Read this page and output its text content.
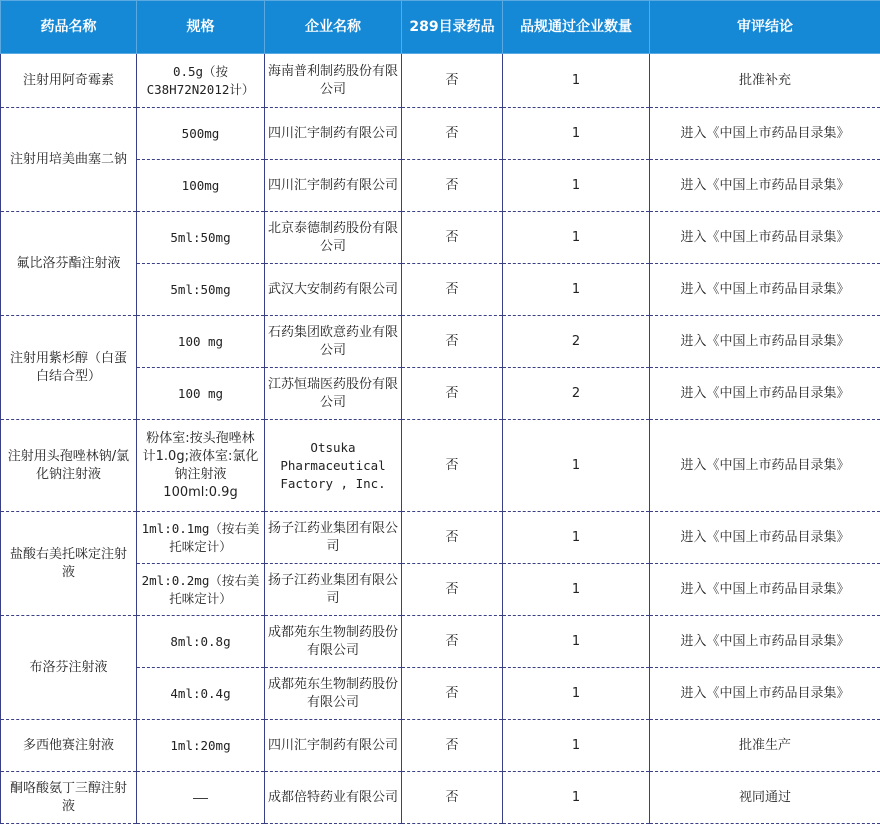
药品名称	规格	企业名称	289目录药品	品规通过企业数量	审评结论
注射用阿奇霉素	0.5g（按C38H72N2012计）	海南普利制药股份有限公司	否	1	批准补充
注射用培美曲塞二钠	500mg	四川汇宇制药有限公司	否	1	进入《中国上市药品目录集》
	100mg	四川汇宇制药有限公司	否	1	进入《中国上市药品目录集》
氟比洛芬酯注射液	5ml:50mg	北京泰德制药股份有限公司	否	1	进入《中国上市药品目录集》
	5ml:50mg	武汉大安制药有限公司	否	1	进入《中国上市药品目录集》
注射用紫杉醇（白蛋白结合型）	100 mg	石药集团欧意药业有限公司	否	2	进入《中国上市药品目录集》
	100 mg	江苏恒瑞医药股份有限公司	否	2	进入《中国上市药品目录集》
注射用头孢唑林钠/氯化钠注射液	粉体室:按头孢唑林计1.0g;液体室:氯化钠注射液100ml:0.9g	Otsuka Pharmaceutical Factory , Inc.	否	1	进入《中国上市药品目录集》
盐酸右美托咪定注射液	1ml:0.1mg（按右美托咪定计）	扬子江药业集团有限公司	否	1	进入《中国上市药品目录集》
	2ml:0.2mg（按右美托咪定计）	扬子江药业集团有限公司	否	1	进入《中国上市药品目录集》
布洛芬注射液	8ml:0.8g	成都苑东生物制药股份有限公司	否	1	进入《中国上市药品目录集》
	4ml:0.4g	成都苑东生物制药股份有限公司	否	1	进入《中国上市药品目录集》
多西他赛注射液	1ml:20mg	四川汇宇制药有限公司	否	1	批准生产
酮咯酸氨丁三醇注射液	——	成都倍特药业有限公司	否	1	视同通过
